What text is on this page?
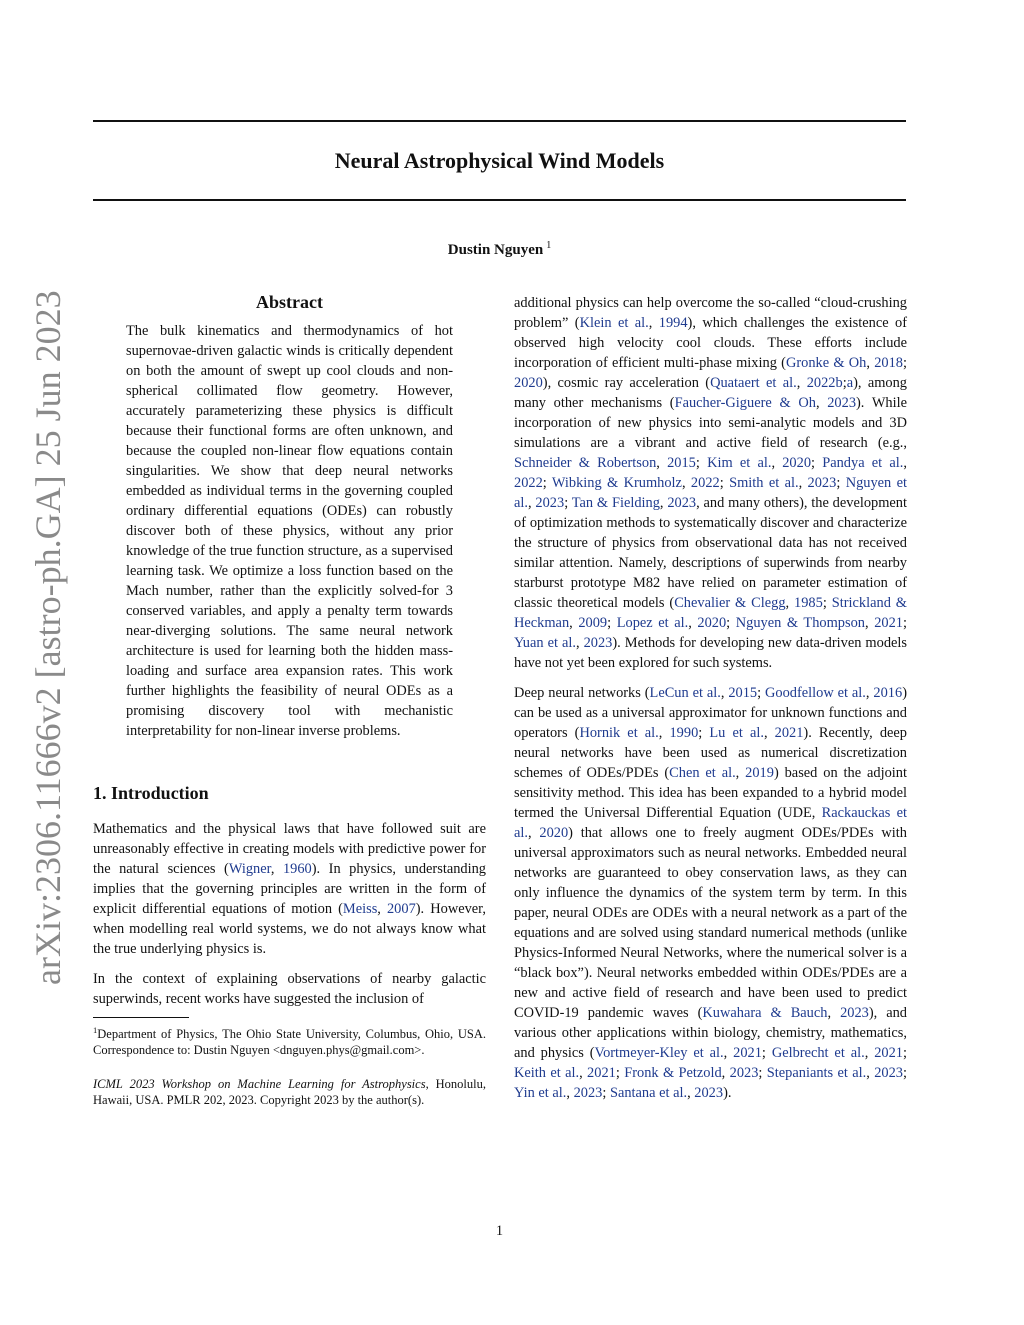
Neural Astrophysical Wind Models
Dustin Nguyen $^1$
arXiv:2306.11666v2 [astro-ph.GA] 25 Jun 2023	Abstract

The bulk kinematics and thermodynamics of hot supernovae-driven galactic winds is critically dependent on both the amount of swept up cool clouds and non-spherical collimated flow geometry. However, accurately parameterizing these physics is difficult because their functional forms are often unknown, and because the coupled non-linear flow equations contain singularities. We show that deep neural networks embedded as individual terms in the governing coupled ordinary differential equations (ODEs) can robustly discover both of these physics, without any prior knowledge of the true function structure, as a supervised learning task. We optimize a loss function based on the Mach number, rather than the explicitly solved-for 3 conserved variables, and apply a penalty term towards near-diverging solutions. The same neural network architecture is used for learning both the hidden mass-loading and surface area expansion rates. This work further highlights the feasibility of neural ODEs as a promising discovery tool with mechanistic interpretability for non-linear inverse problems.

1. Introduction

Mathematics and the physical laws that have followed suit are unreasonably effective in creating models with predictive power for the natural sciences (Wigner, 1960). In physics, understanding implies that the governing principles are written in the form of explicit differential equations of motion (Meiss, 2007). However, when modelling real world systems, we do not always know what the true underlying physics is.

In the context of explaining observations of nearby galactic superwinds, recent works have suggested the inclusion of

$^1$Department of Physics, The Ohio State University, Columbus, Ohio, USA. Correspondence to: Dustin Nguyen <dnguyen.phys@gmail.com>.

ICML 2023 Workshop on Machine Learning for Astrophysics, Honolulu, Hawaii, USA. PMLR 202, 2023. Copyright 2023 by the author(s).

additional physics can help overcome the so-called “cloud-crushing problem” (Klein et al., 1994), which challenges the existence of observed high velocity cool clouds. These efforts include incorporation of efficient multi-phase mixing (Gronke & Oh, 2018; 2020), cosmic ray acceleration (Quataert et al., 2022b;a), among many other mechanisms (Faucher-Giguere & Oh, 2023). While incorporation of new physics into semi-analytic models and 3D simulations are a vibrant and active field of research (e.g., Schneider & Robertson, 2015; Kim et al., 2020; Pandya et al., 2022; Wibking & Krumholz, 2022; Smith et al., 2023; Nguyen et al., 2023; Tan & Fielding, 2023, and many others), the development of optimization methods to systematically discover and characterize the structure of physics from observational data has not received similar attention. Namely, descriptions of superwinds from nearby starburst prototype M82 have relied on parameter estimation of classic theoretical models (Chevalier & Clegg, 1985; Strickland & Heckman, 2009; Lopez et al., 2020; Nguyen & Thompson, 2021; Yuan et al., 2023). Methods for developing new data-driven models have not yet been explored for such systems.

Deep neural networks (LeCun et al., 2015; Goodfellow et al., 2016) can be used as a universal approximator for unknown functions and operators (Hornik et al., 1990; Lu et al., 2021). Recently, deep neural networks have been used as numerical discretization schemes of ODEs/PDEs (Chen et al., 2019) based on the adjoint sensitivity method. This idea has been expanded to a hybrid model termed the Universal Differential Equation (UDE, Rackauckas et al., 2020) that allows one to freely augment ODEs/PDEs with universal approximators such as neural networks. Embedded neural networks are guaranteed to obey conservation laws, as they can only influence the dynamics of the system term by term. In this paper, neural ODEs are ODEs with a neural network as a part of the equations and are solved using standard numerical methods (unlike Physics-Informed Neural Networks, where the numerical solver is a “black box”). Neural networks embedded within ODEs/PDEs are a new and active field of research and have been used to predict COVID-19 pandemic waves (Kuwahara & Bauch, 2023), and various other applications within biology, chemistry, mathematics, and physics (Vortmeyer-Kley et al., 2021; Gelbrecht et al., 2021; Keith et al., 2021; Fronk & Petzold, 2023; Stepaniants et al., 2023; Yin et al., 2023; Santana et al., 2023).

1
